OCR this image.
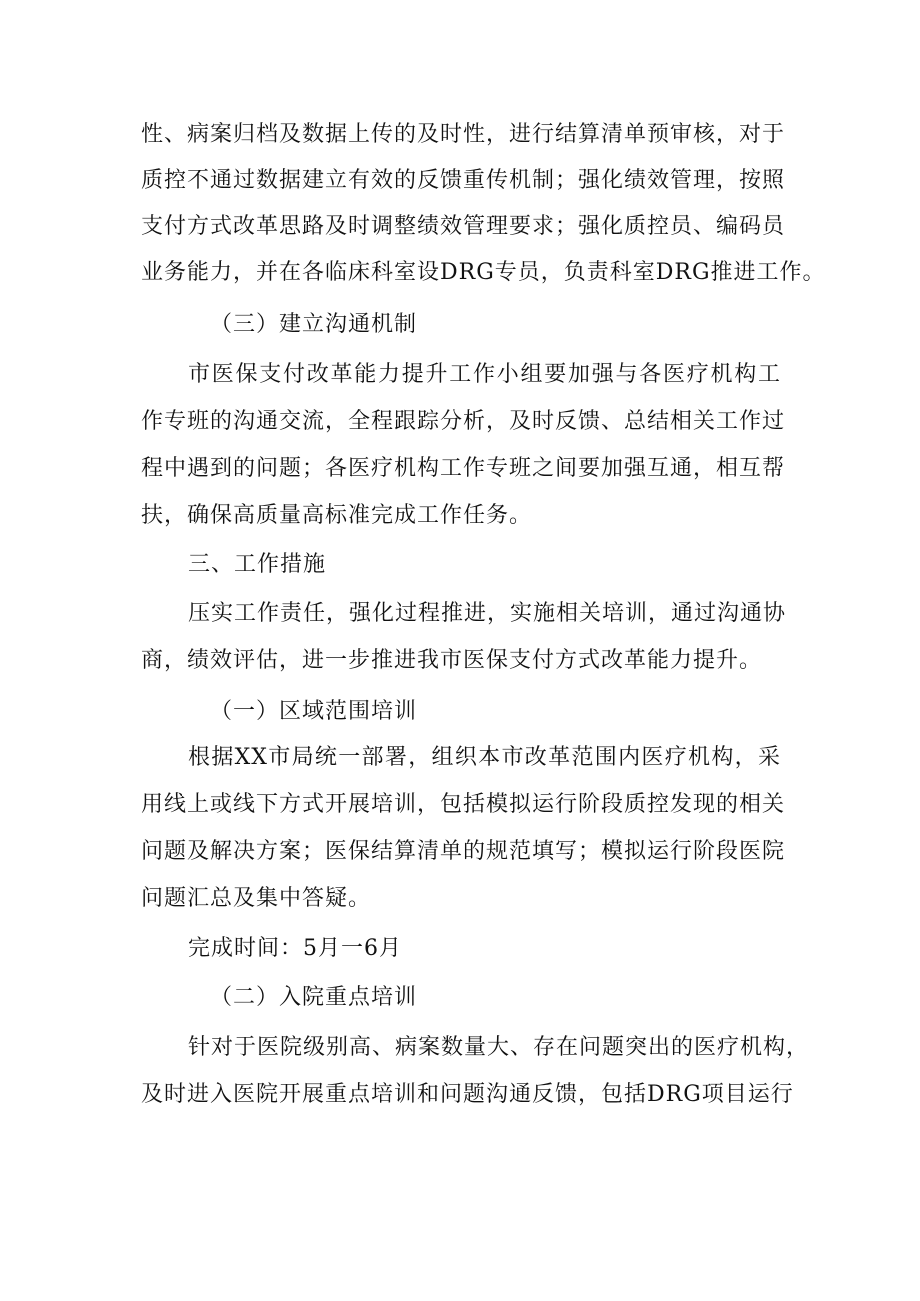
性、病案归档及数据上传的及时性，进行结算清单预审核，对于
质控不通过数据建立有效的反馈重传机制；强化绩效管理，按照
支付方式改革思路及时调整绩效管理要求；强化质控员、编码员
业务能力，并在各临床科室设DRG专员，负责科室DRG推进工作。
（三）建立沟通机制
市医保支付改革能力提升工作小组要加强与各医疗机构工
作专班的沟通交流，全程跟踪分析，及时反馈、总结相关工作过
程中遇到的问题；各医疗机构工作专班之间要加强互通，相互帮
扶，确保高质量高标准完成工作任务。
三、工作措施
压实工作责任，强化过程推进，实施相关培训，通过沟通协
商，绩效评估，进一步推进我市医保支付方式改革能力提升。
（一）区域范围培训
根据XX市局统一部署，组织本市改革范围内医疗机构，采
用线上或线下方式开展培训，包括模拟运行阶段质控发现的相关
问题及解决方案；医保结算清单的规范填写；模拟运行阶段医院
问题汇总及集中答疑。
完成时间：5月一6月
（二）入院重点培训
针对于医院级别高、病案数量大、存在问题突出的医疗机构，
及时进入医院开展重点培训和问题沟通反馈，包括DRG项目运行
